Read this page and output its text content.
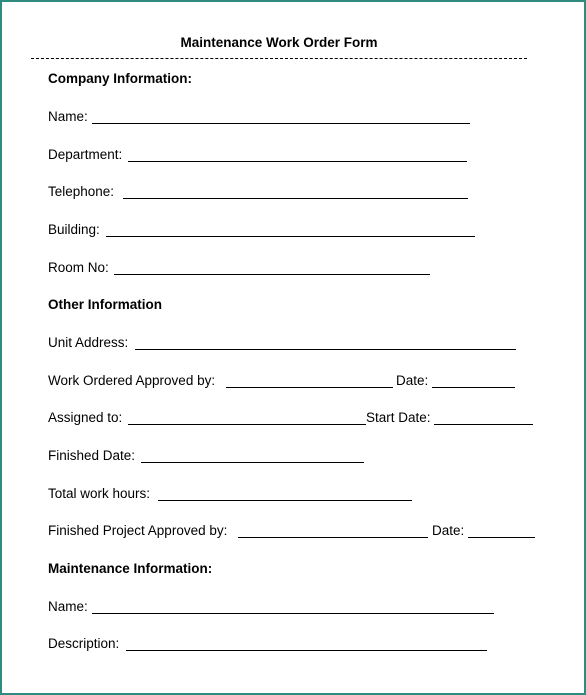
Maintenance Work Order Form
Company Information:
Name:
Department:
Telephone:
Building:
Room No:
Other Information
Unit Address:
Work Ordered Approved by:	Date:
Assigned to:	Start Date:
Finished Date:
Total work hours:
Finished Project Approved by:	Date:
Maintenance Information:
Name:
Description:
